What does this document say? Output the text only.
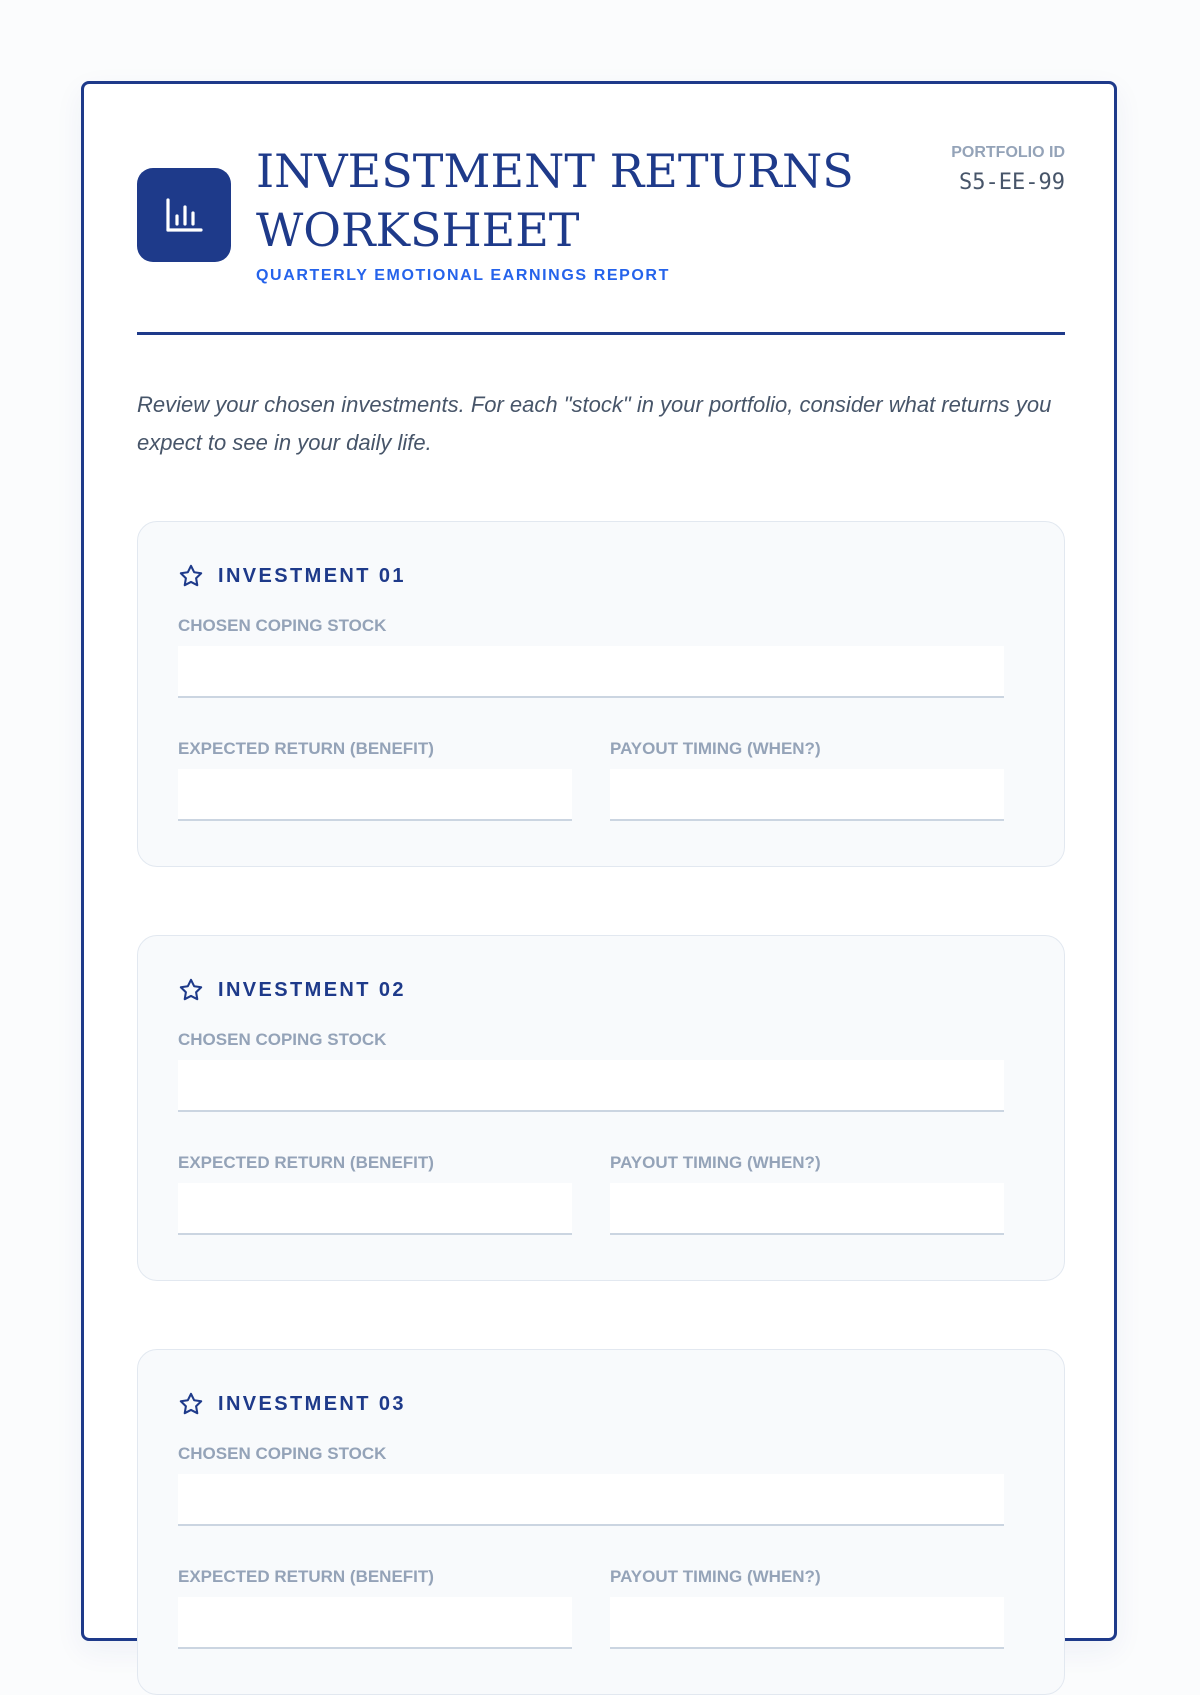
INVESTMENT RETURNS WORKSHEET
QUARTERLY EMOTIONAL EARNINGS REPORT
PORTFOLIO ID
S5-EE-99

Review your chosen investments. For each "stock" in your portfolio, consider what returns you expect to see in your daily life.

INVESTMENT 01
CHOSEN COPING STOCK
EXPECTED RETURN (BENEFIT)	PAYOUT TIMING (WHEN?)
INVESTMENT 02
CHOSEN COPING STOCK
EXPECTED RETURN (BENEFIT)	PAYOUT TIMING (WHEN?)
INVESTMENT 03
CHOSEN COPING STOCK
EXPECTED RETURN (BENEFIT)	PAYOUT TIMING (WHEN?)
